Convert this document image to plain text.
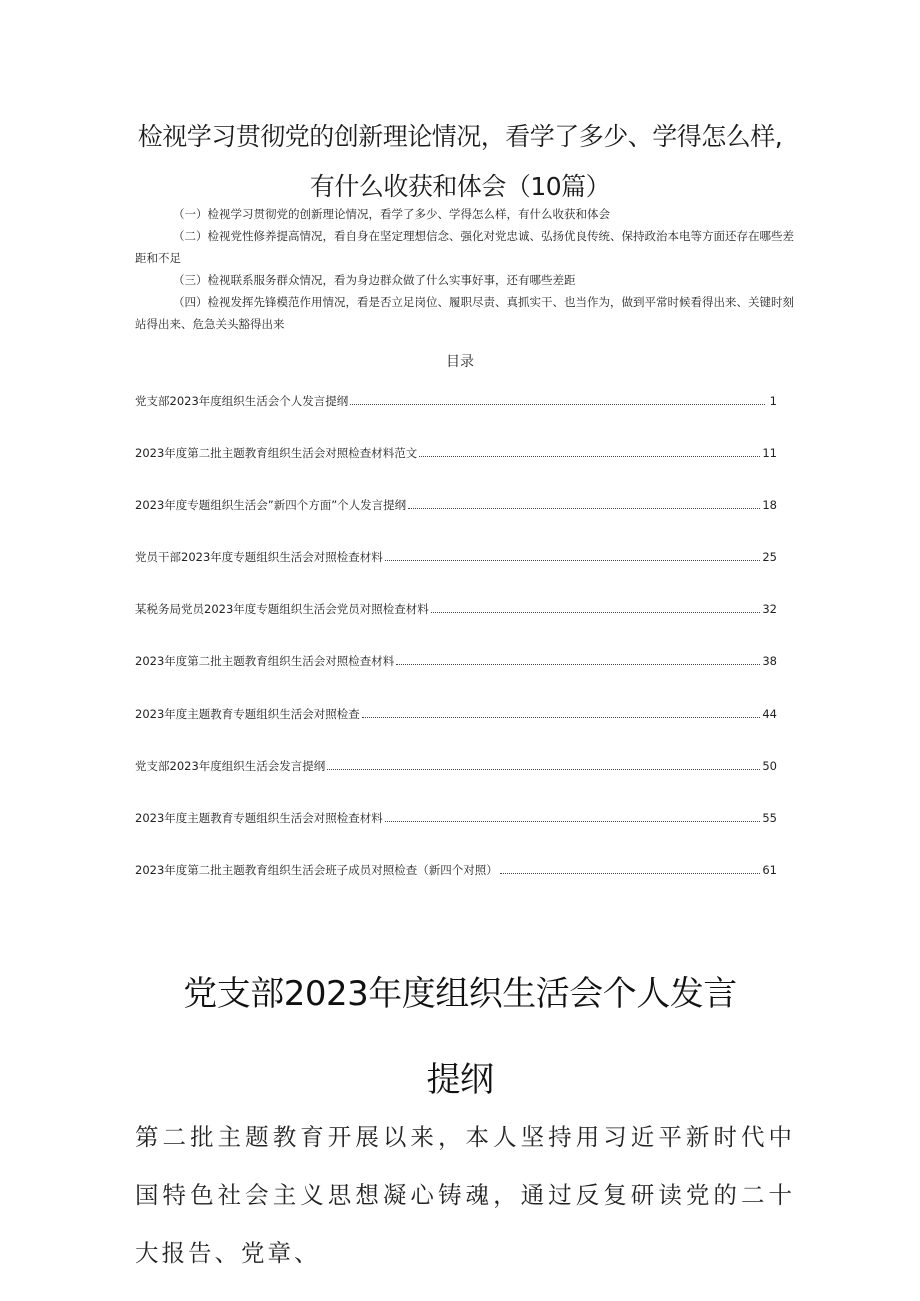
检视学习贯彻党的创新理论情况，看学了多少、学得怎么样,
有什么收获和体会（10篇）

（一）检视学习贯彻党的创新理论情况，看学了多少、学得怎么样，有什么收获和体会

（二）检视党性修养提高情况，看自身在坚定理想信念、强化对党忠诚、弘扬优良传统、保持政治本电等方面还存在哪些差距和不足

（三）检视联系服务群众情况，看为身边群众做了什么实事好事，还有哪些差距

（四）检视发挥先锋模范作用情况，看是否立足岗位、履职尽责、真抓实干、也当作为，做到平常时候看得出来、关键时刻站得出来、危急关头豁得出来

目录
党支部2023年度组织生活会个人发言提纲	1
2023年度第二批主题教育组织生活会对照检查材料范文	11
2023年度专题组织生活会”新四个方面”个人发言提纲	18
党员干部2023年度专题组织生活会对照检查材料	25
某税务局党员2023年度专题组织生活会党员对照检查材料	32
2023年度第二批主题教育组织生活会对照检查材料	38
2023年度主题教育专题组织生活会对照检查	44
党支部2023年度组织生活会发言提纲	50
2023年度主题教育专题组织生活会对照检查材料	55
2023年度第二批主题教育组织生活会班子成员对照检查（新四个对照）	61
党支部2023年度组织生活会个人发言
提纲
第二批主题教育开展以来，本人坚持用习近平新时代中国特色社会主义思想凝心铸魂，通过反复研读党的二十大报告、党章、
